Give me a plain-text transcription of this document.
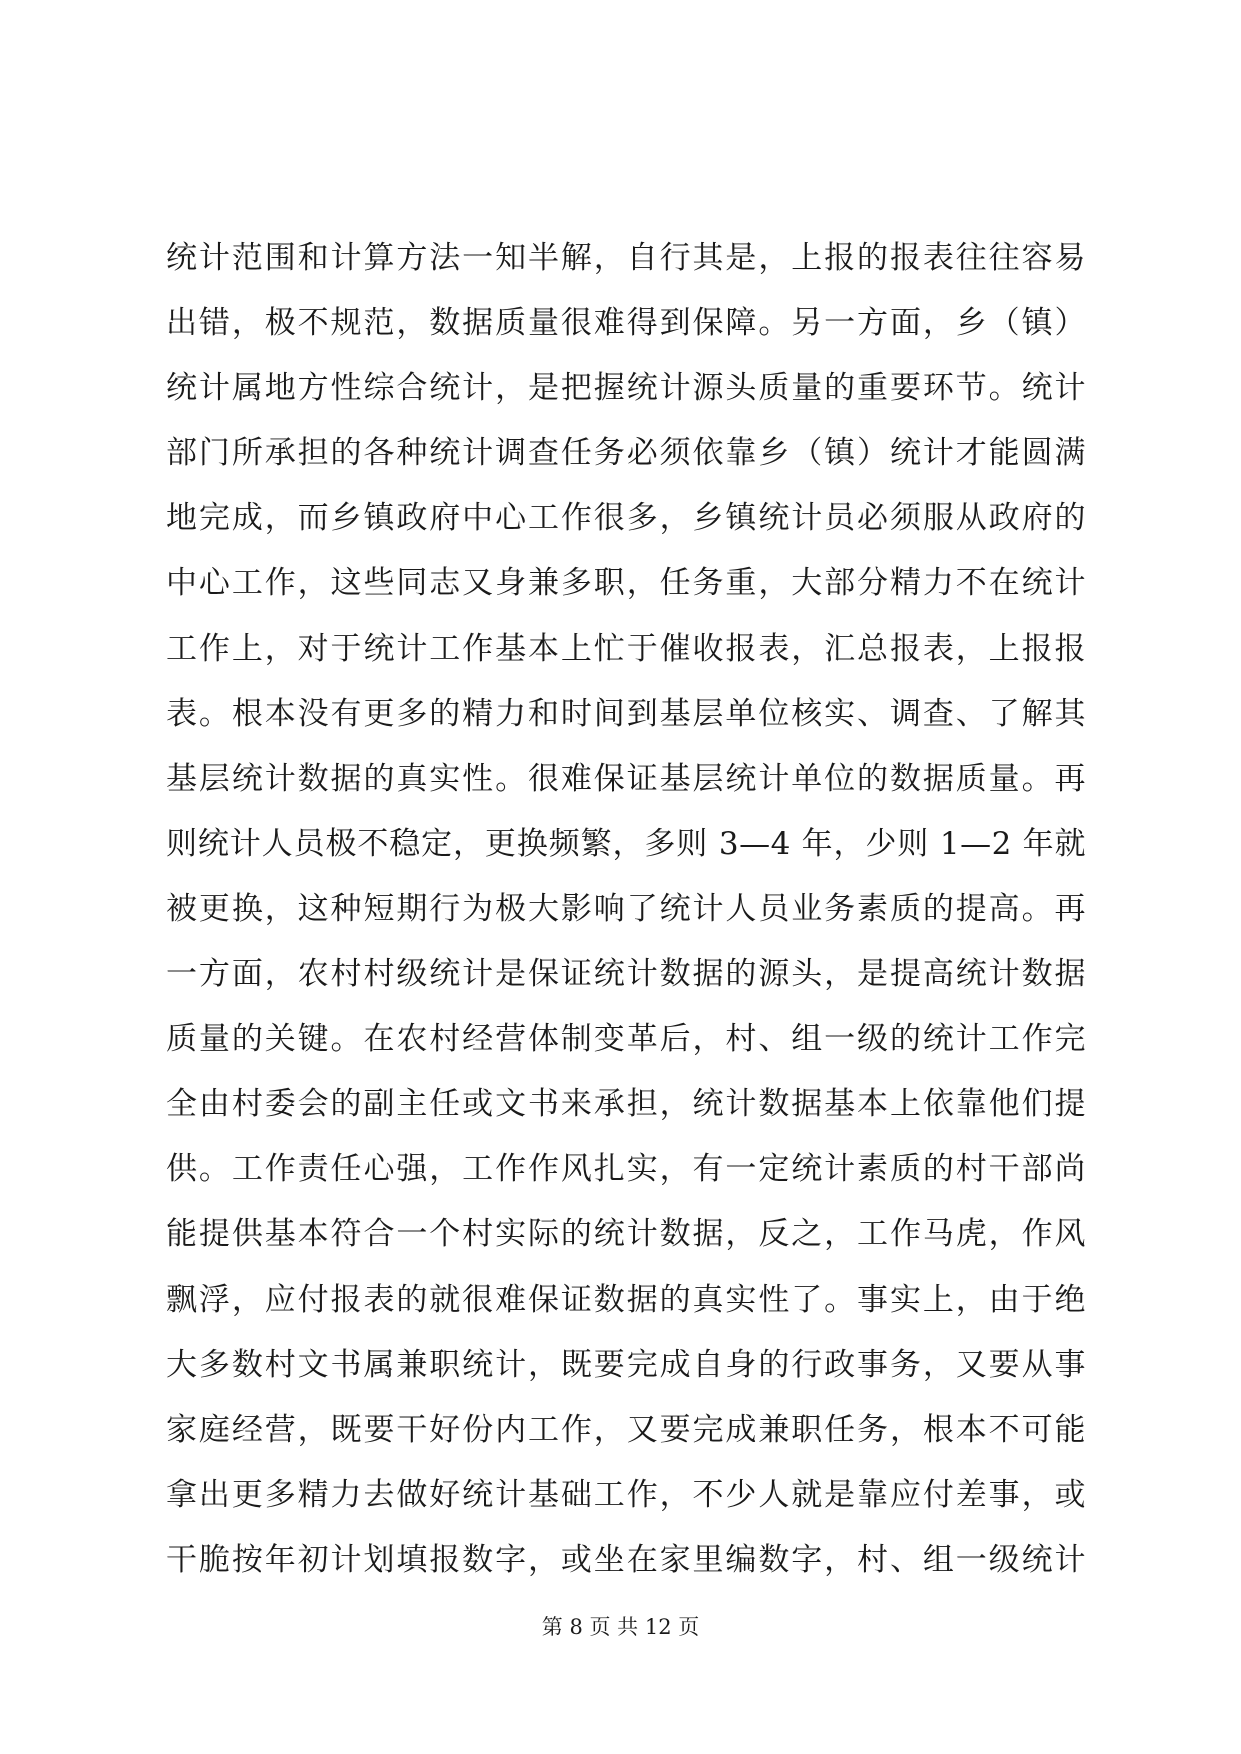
统计范围和计算方法一知半解，自行其是，上报的报表往往容易
出错，极不规范，数据质量很难得到保障。另一方面，乡（镇）
统计属地方性综合统计，是把握统计源头质量的重要环节。统计
部门所承担的各种统计调查任务必须依靠乡（镇）统计才能圆满
地完成，而乡镇政府中心工作很多，乡镇统计员必须服从政府的
中心工作，这些同志又身兼多职，任务重，大部分精力不在统计
工作上，对于统计工作基本上忙于催收报表，汇总报表，上报报
表。根本没有更多的精力和时间到基层单位核实、调查、了解其
基层统计数据的真实性。很难保证基层统计单位的数据质量。再
则统计人员极不稳定，更换频繁，多则 3—4 年，少则 1—2 年就
被更换，这种短期行为极大影响了统计人员业务素质的提高。再
一方面，农村村级统计是保证统计数据的源头，是提高统计数据
质量的关键。在农村经营体制变革后，村、组一级的统计工作完
全由村委会的副主任或文书来承担，统计数据基本上依靠他们提
供。工作责任心强，工作作风扎实，有一定统计素质的村干部尚
能提供基本符合一个村实际的统计数据，反之，工作马虎，作风
飘浮，应付报表的就很难保证数据的真实性了。事实上，由于绝
大多数村文书属兼职统计，既要完成自身的行政事务，又要从事
家庭经营，既要干好份内工作，又要完成兼职任务，根本不可能
拿出更多精力去做好统计基础工作，不少人就是靠应付差事，或
干脆按年初计划填报数字，或坐在家里编数字，村、组一级统计
第 8 页 共 12 页
